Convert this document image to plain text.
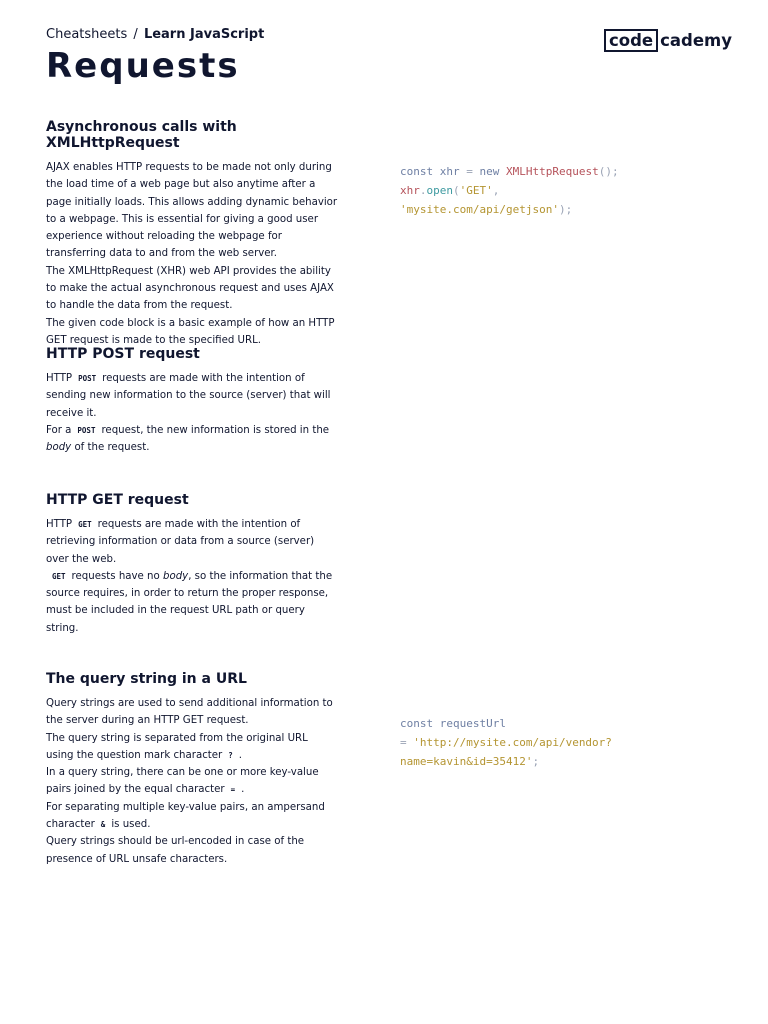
Cheatsheets / Learn JavaScript	code cademy
Requests
Asynchronous calls with XMLHttpRequest

AJAX enables HTTP requests to be made not only during the load time of a web page but also anytime after a page initially loads. This allows adding dynamic behavior to a webpage. This is essential for giving a good user experience without reloading the webpage for transferring data to and from the web server.

The XMLHttpRequest (XHR) web API provides the ability to make the actual asynchronous request and uses AJAX to handle the data from the request.

The given code block is a basic example of how an HTTP GET request is made to the specified URL.

HTTP POST request

HTTP POST requests are made with the intention of sending new information to the source (server) that will receive it.

For a POST request, the new information is stored in the body of the request.

HTTP GET request

HTTP GET requests are made with the intention of retrieving information or data from a source (server) over the web.

GET requests have no body, so the information that the source requires, in order to return the proper response, must be included in the request URL path or query string.

The query string in a URL

Query strings are used to send additional information to the server during an HTTP GET request.

The query string is separated from the original URL using the question mark character ? .

In a query string, there can be one or more key-value pairs joined by the equal character = .

For separating multiple key-value pairs, an ampersand character & is used.

Query strings should be url-encoded in case of the presence of URL unsafe characters.

const xhr = new XMLHttpRequest();
xhr.open('GET',
'mysite.com/api/getjson');
const requestUrl
= 'http://mysite.com/api/vendor?
name=kavin&id=35412';
